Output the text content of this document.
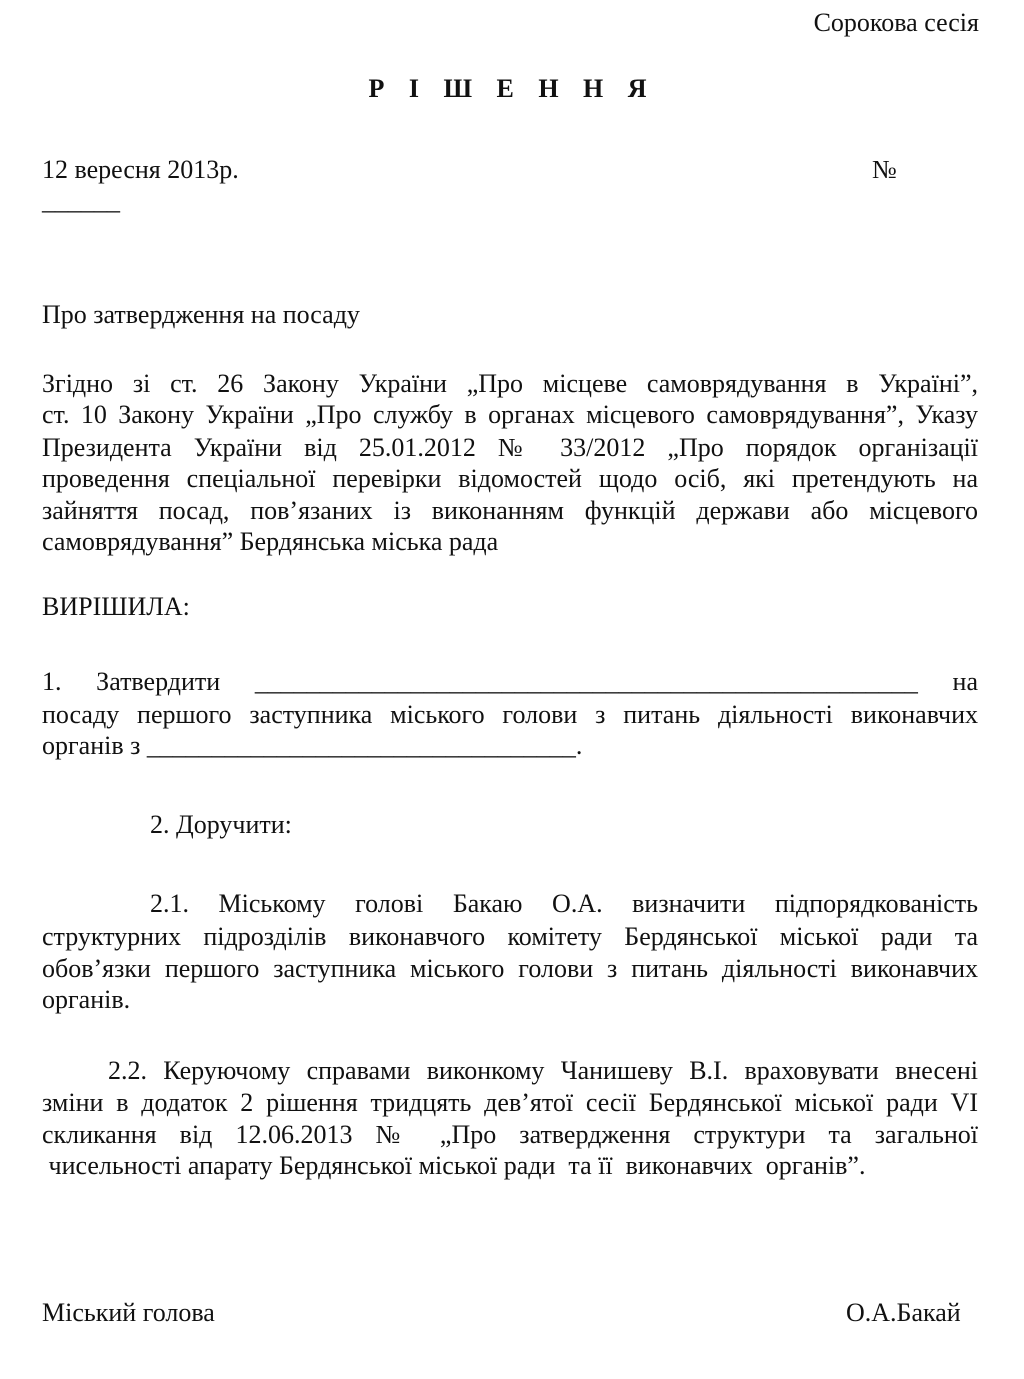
Сорокова сесія
Р І Ш Е Н Н Я
12 вересня 2013р.	№
______
Про затвердження на посаду
Згідно зі ст. 26 Закону України „Про місцеве самоврядування в Україні”,
ст. 10 Закону України „Про службу в органах місцевого самоврядування”, Указу
Президента України від 25.01.2012 № 33/2012 „Про порядок організації
проведення спеціальної перевірки відомостей щодо осіб, які претендують на
зайняття посад, пов’язаних із виконанням функцій держави або місцевого
самоврядування” Бердянська міська рада
ВИРІШИЛА:
1. Затвердити ___________________________________________________ на
посаду першого заступника міського голови з питань діяльності виконавчих
органів з _________________________________.
2. Доручити:
2.1. Міському голові Бакаю О.А. визначити підпорядкованість
структурних підрозділів виконавчого комітету Бердянської міської ради та
обов’язки першого заступника міського голови з питань діяльності виконавчих
органів.
2.2. Керуючому справами виконкому Чанишеву В.І. враховувати внесені
зміни в додаток 2 рішення тридцять дев’ятої сесії Бердянської міської ради VI
скликання від 12.06.2013 № „Про затвердження структури та загальної
чисельності апарату Бердянської міської ради  та її  виконавчих  органів”.
Міський голова	О.А.Бакай
